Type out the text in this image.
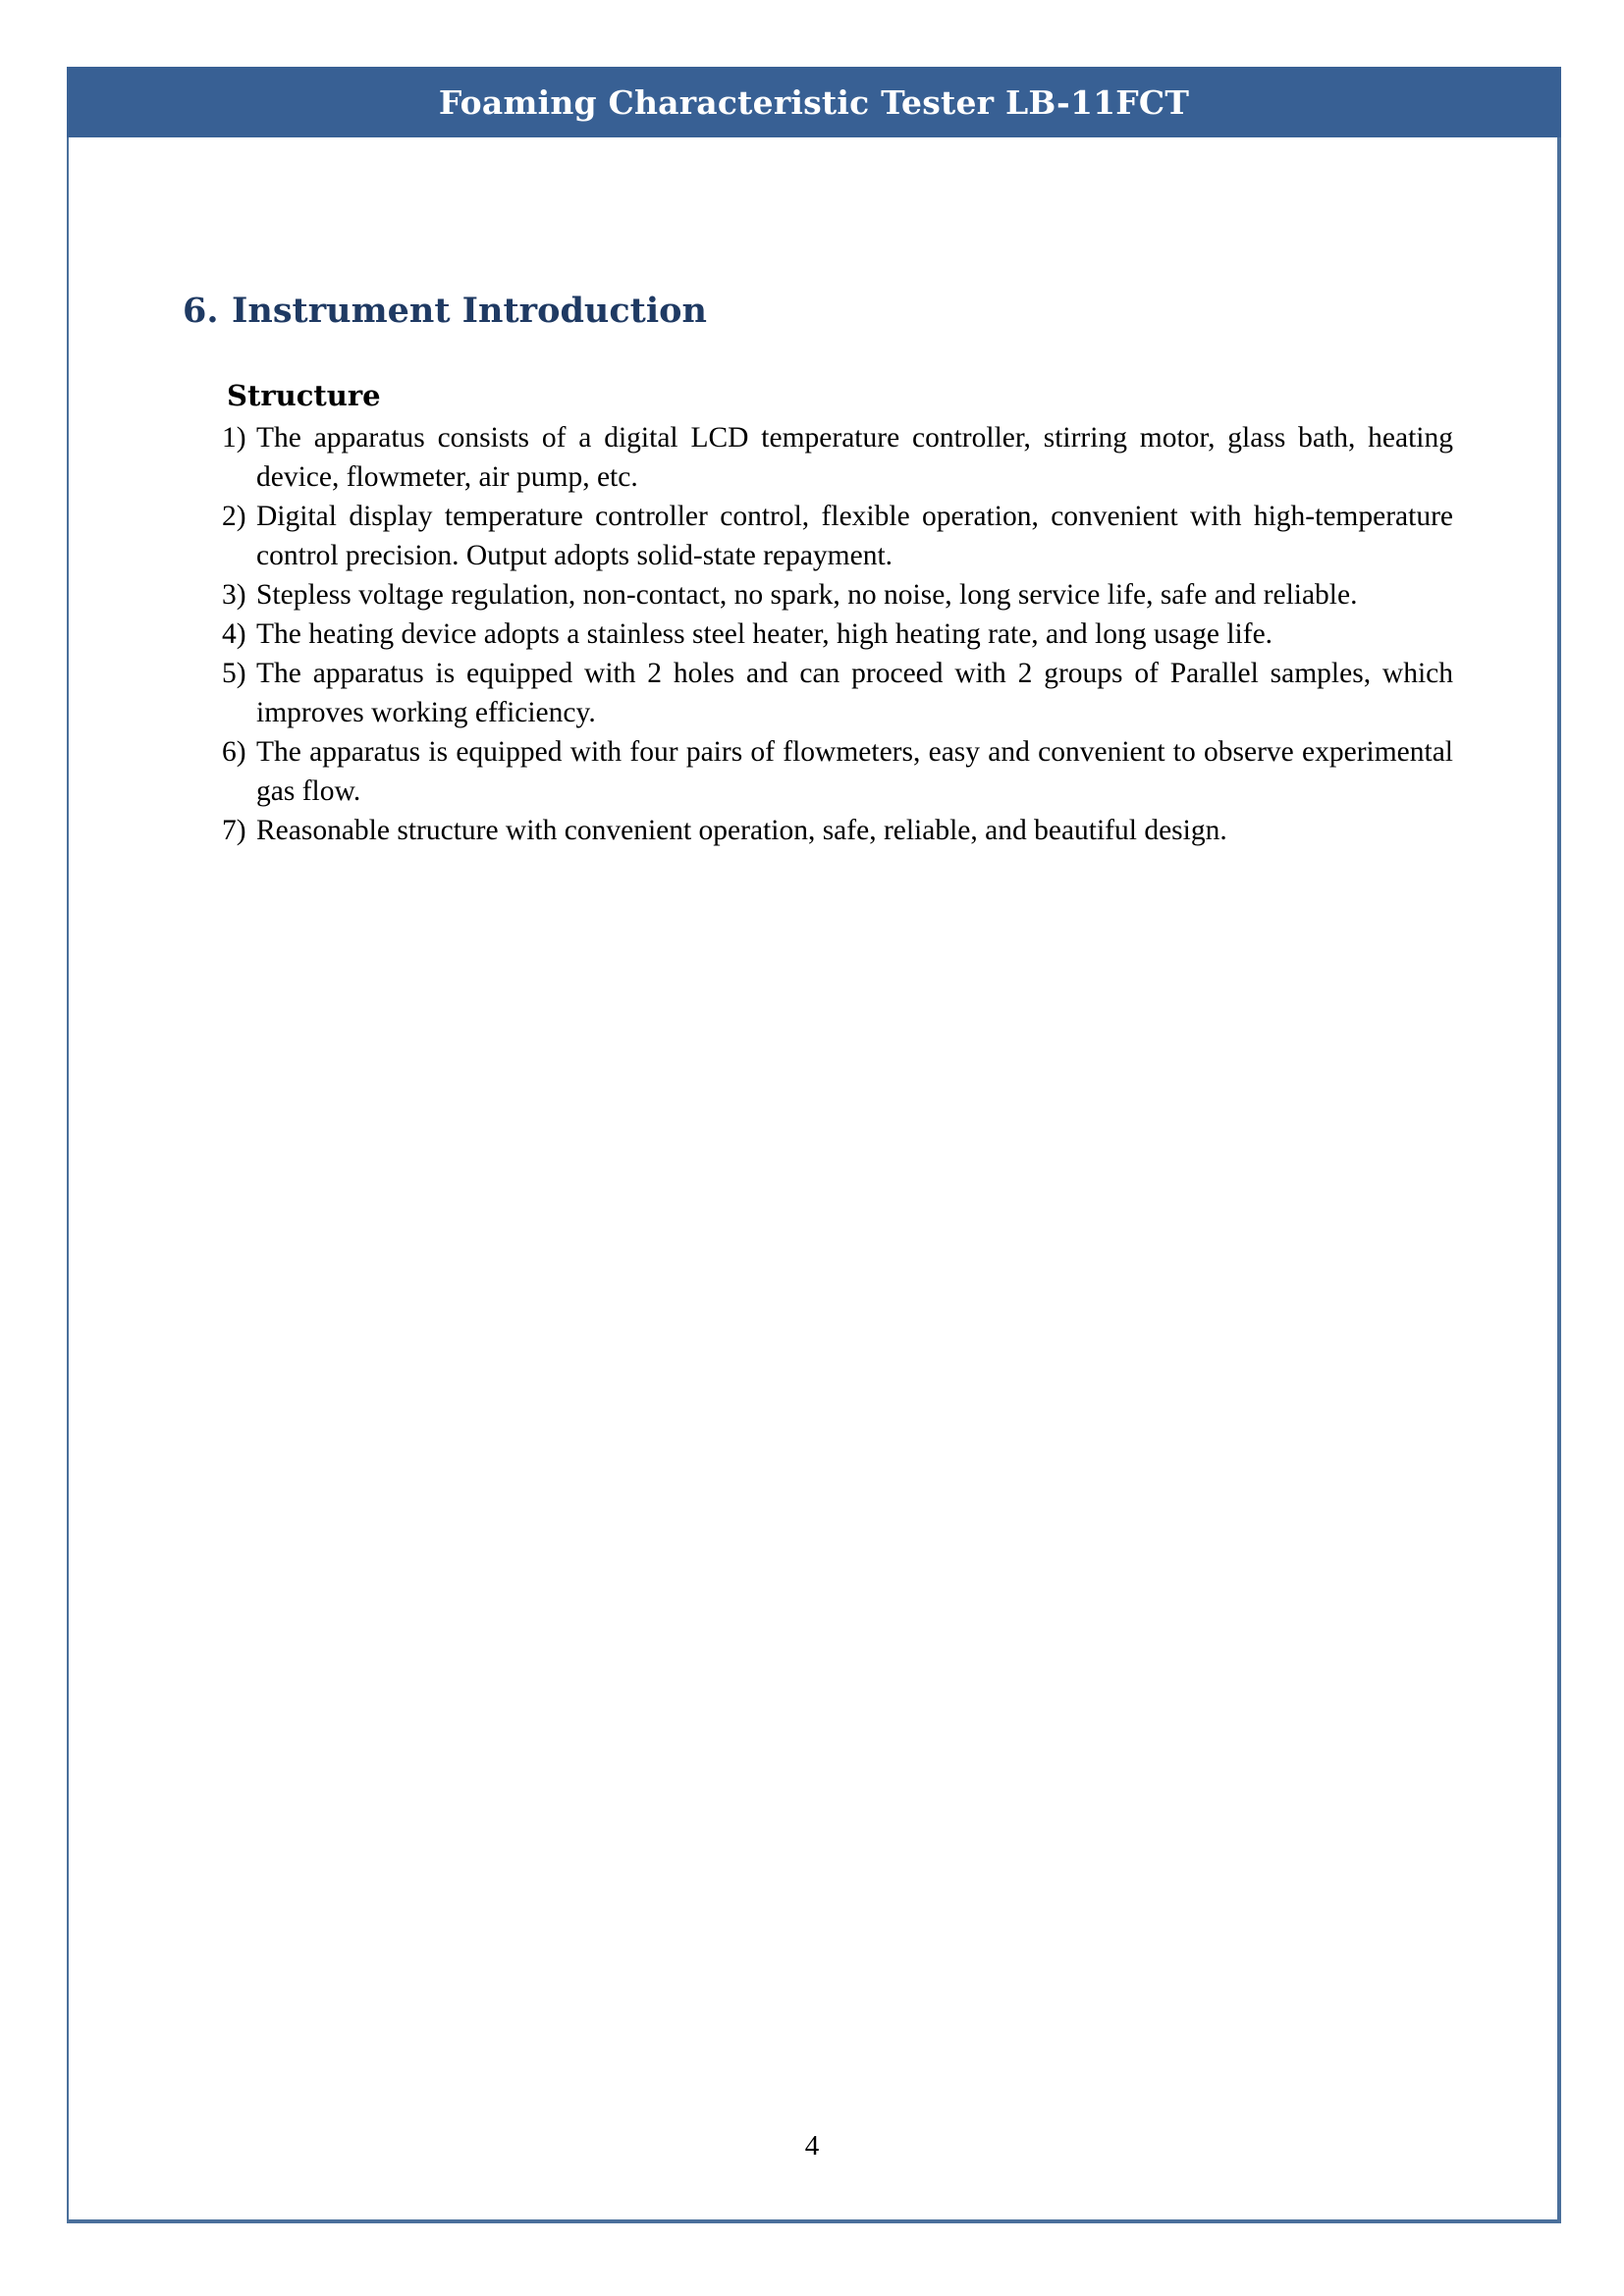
Foaming Characteristic Tester LB-11FCT
6. Instrument Introduction
Structure
1) The apparatus consists of a digital LCD temperature controller, stirring motor, glass bath, heating device, flowmeter, air pump, etc.
2) Digital display temperature controller control, flexible operation, convenient with high-temperature control precision. Output adopts solid-state repayment.
3) Stepless voltage regulation, non-contact, no spark, no noise, long service life, safe and reliable.
4) The heating device adopts a stainless steel heater, high heating rate, and long usage life.
5) The apparatus is equipped with 2 holes and can proceed with 2 groups of Parallel samples, which improves working efficiency.
6) The apparatus is equipped with four pairs of flowmeters, easy and convenient to observe experimental gas flow.
7) Reasonable structure with convenient operation, safe, reliable, and beautiful design.
4
